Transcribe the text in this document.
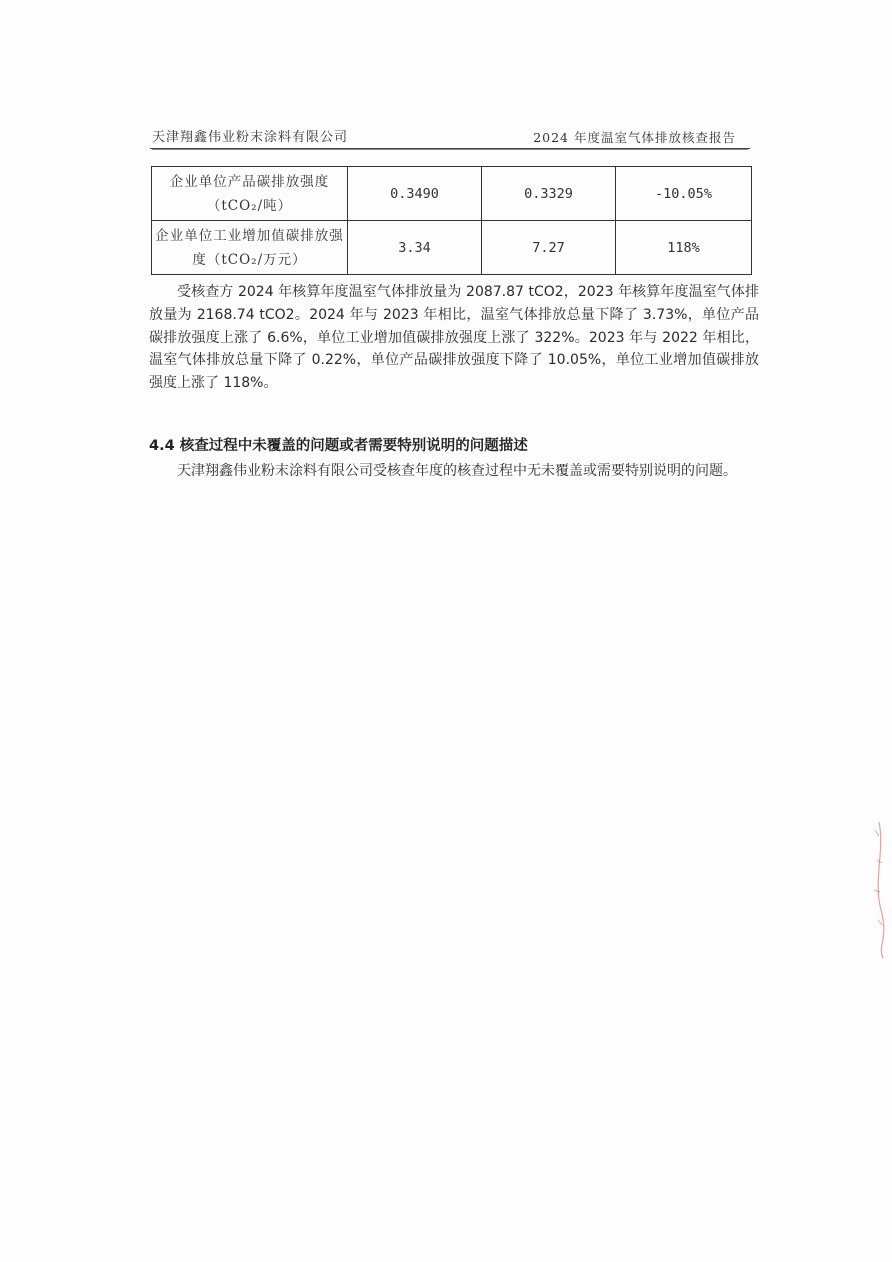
天津翔鑫伟业粉末涂料有限公司	2024 年度温室气体排放核查报告
企业单位产品碳排放强度（tCO₂/吨）	0.3490	0.3329	-10.05%
企业单位工业增加值碳排放强度（tCO₂/万元）	3.34	7.27	118%

受核查方 2024 年核算年度温室气体排放量为 2087.87 tCO2，2023 年核算年度温室气体排放量为 2168.74 tCO2。2024 年与 2023 年相比，温室气体排放总量下降了 3.73%，单位产品碳排放强度上涨了 6.6%，单位工业增加值碳排放强度上涨了 322%。2023 年与 2022 年相比，温室气体排放总量下降了 0.22%，单位产品碳排放强度下降了 10.05%，单位工业增加值碳排放强度上涨了 118%。

4.4 核查过程中未覆盖的问题或者需要特别说明的问题描述

天津翔鑫伟业粉末涂料有限公司受核查年度的核查过程中无未覆盖或需要特别说明的问题。
